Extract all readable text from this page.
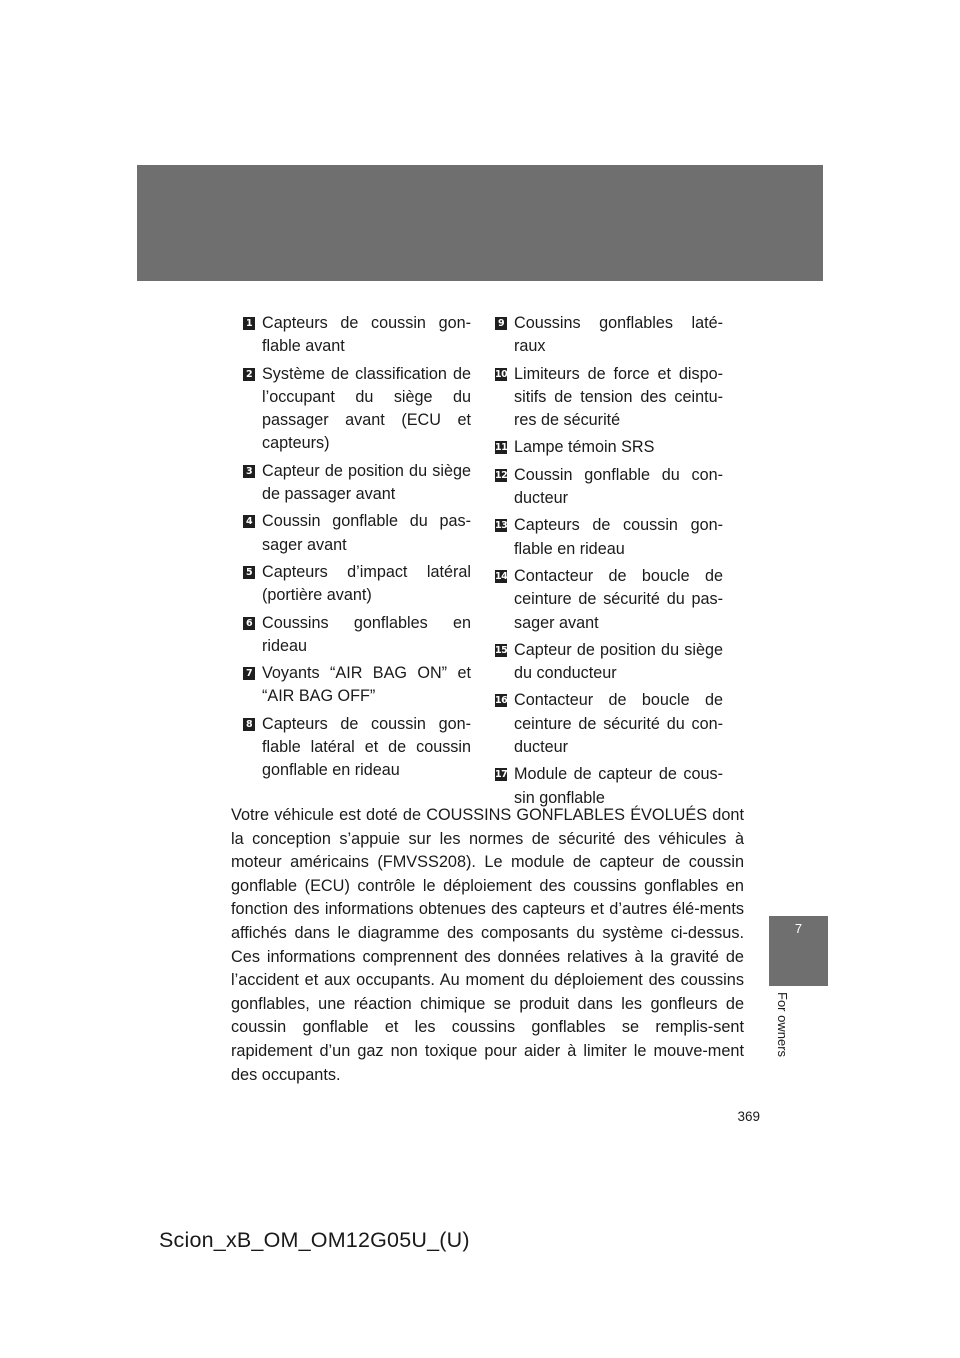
1 Capteurs de coussin gon-flable avant
2 Système de classification de l’occupant du siège du passager avant (ECU et capteurs)
3 Capteur de position du siège de passager avant
4 Coussin gonflable du pas-sager avant
5 Capteurs d’impact latéral (portière avant)
6 Coussins gonflables en rideau
7 Voyants “AIR BAG ON” et “AIR BAG OFF”
8 Capteurs de coussin gon-flable latéral et de coussin gonflable en rideau
9 Coussins gonflables laté-raux
10 Limiteurs de force et dispo-sitifs de tension des ceintu-res de sécurité
11 Lampe témoin SRS
12 Coussin gonflable du con-ducteur
13 Capteurs de coussin gon-flable en rideau
14 Contacteur de boucle de ceinture de sécurité du pas-sager avant
15 Capteur de position du siège du conducteur
16 Contacteur de boucle de ceinture de sécurité du con-ducteur
17 Module de capteur de cous-sin gonflable
Votre véhicule est doté de COUSSINS GONFLABLES ÉVOLUÉS dont la conception s’appuie sur les normes de sécurité des véhicules à moteur américains (FMVSS208). Le module de capteur de coussin gonflable (ECU) contrôle le déploiement des coussins gonflables en fonction des informations obtenues des capteurs et d’autres élé-ments affichés dans le diagramme des composants du système ci-dessus. Ces informations comprennent des données relatives à la gravité de l’accident et aux occupants. Au moment du déploiement des coussins gonflables, une réaction chimique se produit dans les gonfleurs de coussin gonflable et les coussins gonflables se remplis-sent rapidement d’un gaz non toxique pour aider à limiter le mouve-ment des occupants.
7
For owners
369
Scion_xB_OM_OM12G05U_(U)
